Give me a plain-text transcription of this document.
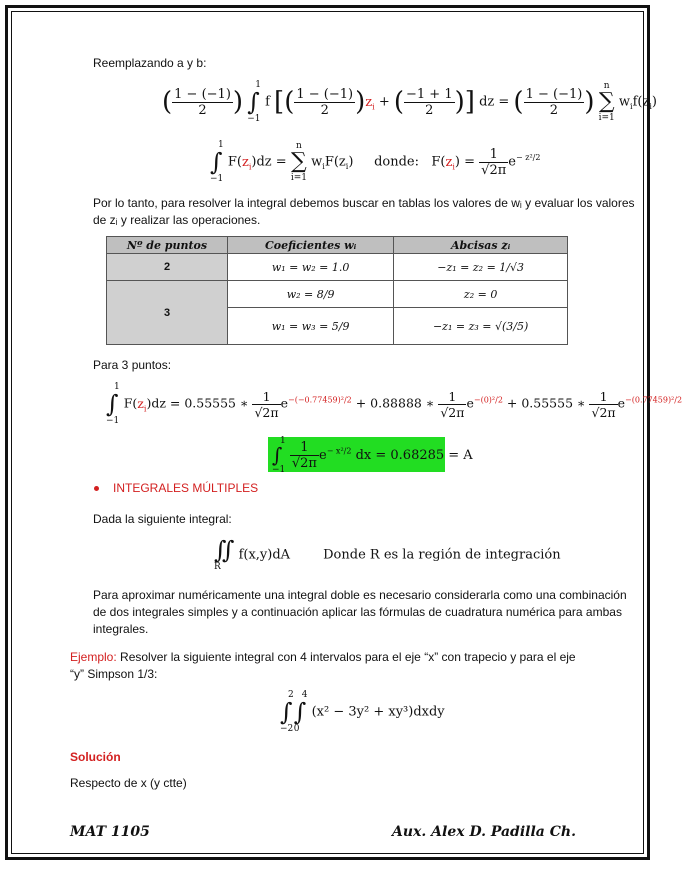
Reemplazando a y b:
( $\frac{1 - (-1)}{2}$ )
1
∫
−1
f [( $\frac{1 - (-1)}{2} )z_i$ + ( $\frac{-1 + 1}{2}$ )] dz = ( $\frac{1 - (-1)}{2}$ )
n
∑
i=1
$w_if(z_i)$
1
∫
−1
$F(z_i)dz$ =
n
∑
i=1
$w_iF(z_i)$ donde: $F(z_i) = \frac{1}{√2\pi} e^{- z^2/2}$
Por lo tanto, para resolver la integral debemos buscar en tablas los valores de wᵢ y evaluar los valores de zᵢ y realizar las operaciones.
Nº de puntos	Coeficientes wᵢ	Abcisas zᵢ
2	w₁ = w₂ = 1.0	−z₁ = z₂ = 1/√3
3	w₂ = 8/9	z₂ = 0
	w₁ = w₃ = 5/9	−z₁ = z₃ = √(3/5)
Para 3 puntos:
1
∫
−1
$F(z_i)dz = 0.55555$ ∗ $\frac{1}{√2\pi} e^{-(-0.77459)^2/2} + 0.88888$ ∗ $\frac{1}{√2\pi} e^{-(0)^2/2} + 0.55555$ ∗ $\frac{1}{√2\pi} e^{-(0.77459)^2/2}$
1
∫
−1
$\frac{1}{√2\pi} e^{- x^2/2}$ dx = 0.68285 = A
INTEGRALES MÚLTIPLES
Dada la siguiente integral:
∬
R
f(x,y)dA	Donde R es la región de integración
Para aproximar numéricamente una integral doble es necesario considerarla como una combinación de dos integrales simples y a continuación aplicar las fórmulas de cuadratura numérica para ambas integrales.
Ejemplo: Resolver la siguiente integral con 4 intervalos para el eje “x” con trapecio y para el eje
“y” Simpson 1/3:
2
∫
−2
4
∫
0
(x² − 3y² + xy³)dxdy
Solución
Respecto de x (y ctte)
MAT 1105	Aux. Alex D. Padilla Ch.
